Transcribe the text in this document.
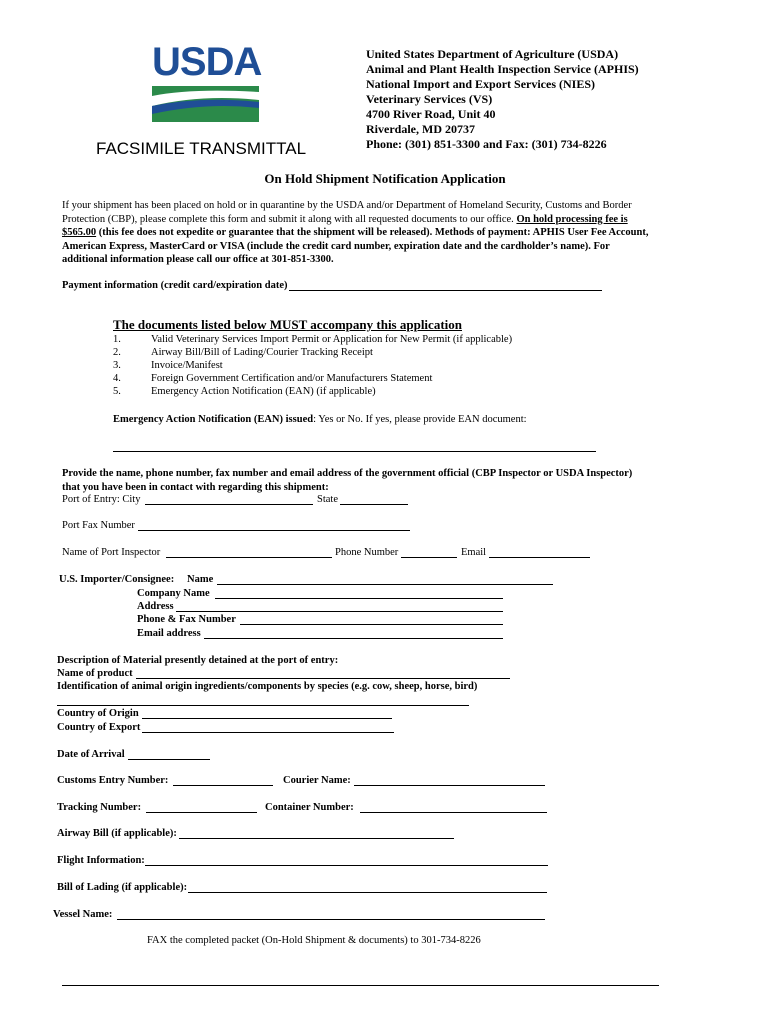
USDA
FACSIMILE TRANSMITTAL
United States Department of Agriculture (USDA)
Animal and Plant Health Inspection Service (APHIS)
National Import and Export Services (NIES)
Veterinary Services (VS)
4700 River Road, Unit 40
Riverdale, MD 20737
Phone: (301) 851-3300 and Fax: (301) 734-8226
On Hold Shipment Notification Application
If your shipment has been placed on hold or in quarantine by the USDA and/or Department of Homeland Security, Customs and Border Protection (CBP), please complete this form and submit it along with all requested documents to our office. On hold processing fee is $565.00 (this fee does not expedite or guarantee that the shipment will be released). Methods of payment: APHIS User Fee Account, American Express, MasterCard or VISA (include the credit card number, expiration date and the cardholder’s name). For additional information please call our office at 301-851-3300.
Payment information (credit card/expiration date)
The documents listed below MUST accompany this application
1.	Valid Veterinary Services Import Permit or Application for New Permit (if applicable)
2.	Airway Bill/Bill of Lading/Courier Tracking Receipt
3.	Invoice/Manifest
4.	Foreign Government Certification and/or Manufacturers Statement
5.	Emergency Action Notification (EAN) (if applicable)
Emergency Action Notification (EAN) issued: Yes or No. If yes, please provide EAN document:
Provide the name, phone number, fax number and email address of the government official (CBP Inspector or USDA Inspector) that you have been in contact with regarding this shipment:
Port of Entry: City	State
Port Fax Number
Name of Port Inspector	Phone Number	Email
U.S. Importer/Consignee: Name
Company Name
Address
Phone & Fax Number
Email address
Description of Material presently detained at the port of entry:
Name of product
Identification of animal origin ingredients/components by species (e.g. cow, sheep, horse, bird)
Country of Origin
Country of Export
Date of Arrival
Customs Entry Number:	Courier Name:
Tracking Number:	Container Number:
Airway Bill (if applicable):
Flight Information:
Bill of Lading (if applicable):
Vessel Name:
FAX the completed packet (On-Hold Shipment & documents) to 301-734-8226
